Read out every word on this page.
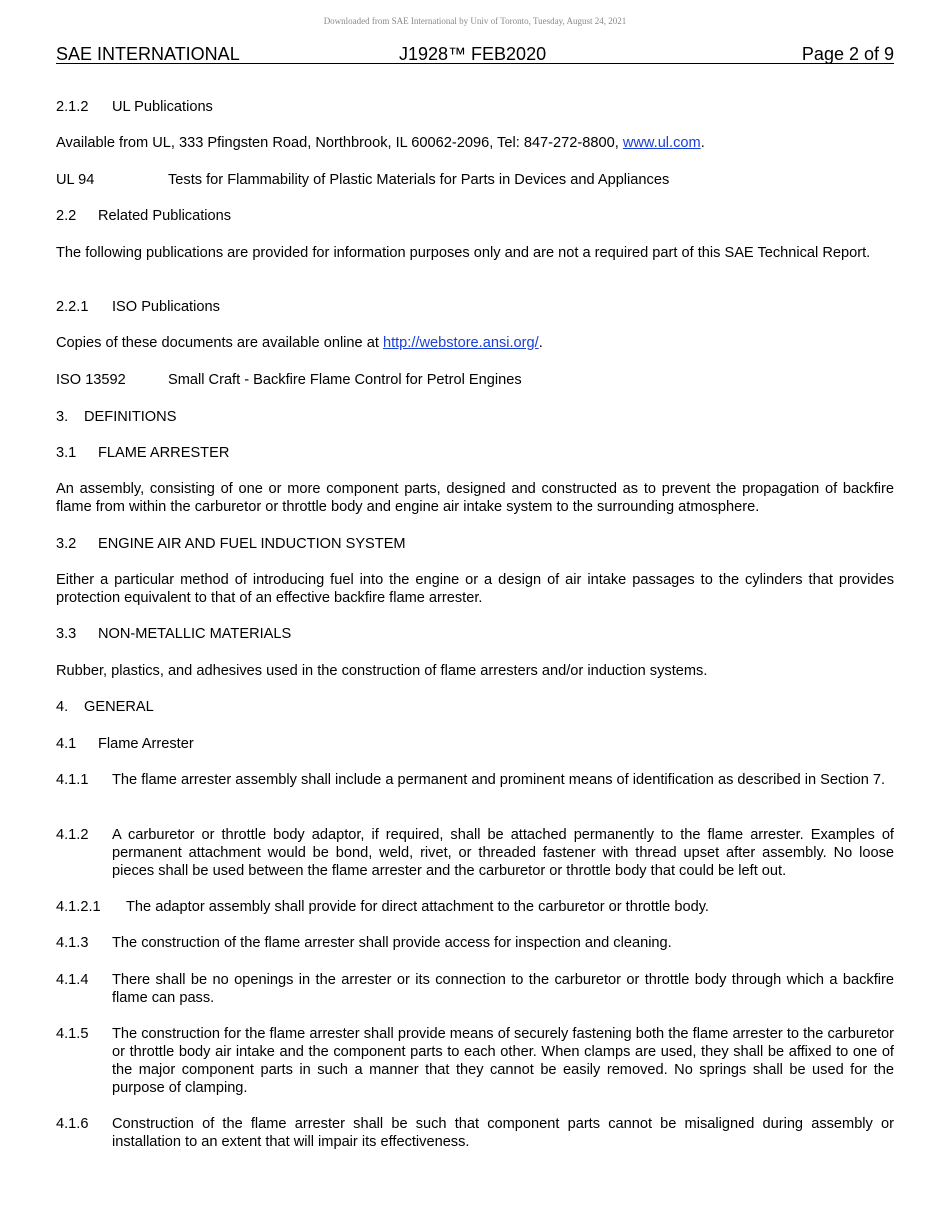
Downloaded from SAE International by Univ of Toronto, Tuesday, August 24, 2021
SAE INTERNATIONAL	J1928™ FEB2020	Page 2 of 9
2.1.2 UL Publications
Available from UL, 333 Pfingsten Road, Northbrook, IL 60062-2096, Tel: 847-272-8800, www.ul.com.
UL 94	Tests for Flammability of Plastic Materials for Parts in Devices and Appliances
2.2 Related Publications
The following publications are provided for information purposes only and are not a required part of this SAE Technical Report.
2.2.1 ISO Publications
Copies of these documents are available online at http://webstore.ansi.org/.
ISO 13592	Small Craft - Backfire Flame Control for Petrol Engines
3. DEFINITIONS
3.1 FLAME ARRESTER
An assembly, consisting of one or more component parts, designed and constructed as to prevent the propagation of backfire flame from within the carburetor or throttle body and engine air intake system to the surrounding atmosphere.
3.2 ENGINE AIR AND FUEL INDUCTION SYSTEM
Either a particular method of introducing fuel into the engine or a design of air intake passages to the cylinders that provides protection equivalent to that of an effective backfire flame arrester.
3.3 NON-METALLIC MATERIALS
Rubber, plastics, and adhesives used in the construction of flame arresters and/or induction systems.
4. GENERAL
4.1 Flame Arrester
4.1.1 The flame arrester assembly shall include a permanent and prominent means of identification as described in Section 7.
4.1.2 A carburetor or throttle body adaptor, if required, shall be attached permanently to the flame arrester. Examples of permanent attachment would be bond, weld, rivet, or threaded fastener with thread upset after assembly. No loose pieces shall be used between the flame arrester and the carburetor or throttle body that could be left out.
4.1.2.1 The adaptor assembly shall provide for direct attachment to the carburetor or throttle body.
4.1.3 The construction of the flame arrester shall provide access for inspection and cleaning.
4.1.4 There shall be no openings in the arrester or its connection to the carburetor or throttle body through which a backfire flame can pass.
4.1.5 The construction for the flame arrester shall provide means of securely fastening both the flame arrester to the carburetor or throttle body air intake and the component parts to each other. When clamps are used, they shall be affixed to one of the major component parts in such a manner that they cannot be easily removed. No springs shall be used for the purpose of clamping.
4.1.6 Construction of the flame arrester shall be such that component parts cannot be misaligned during assembly or installation to an extent that will impair its effectiveness.
